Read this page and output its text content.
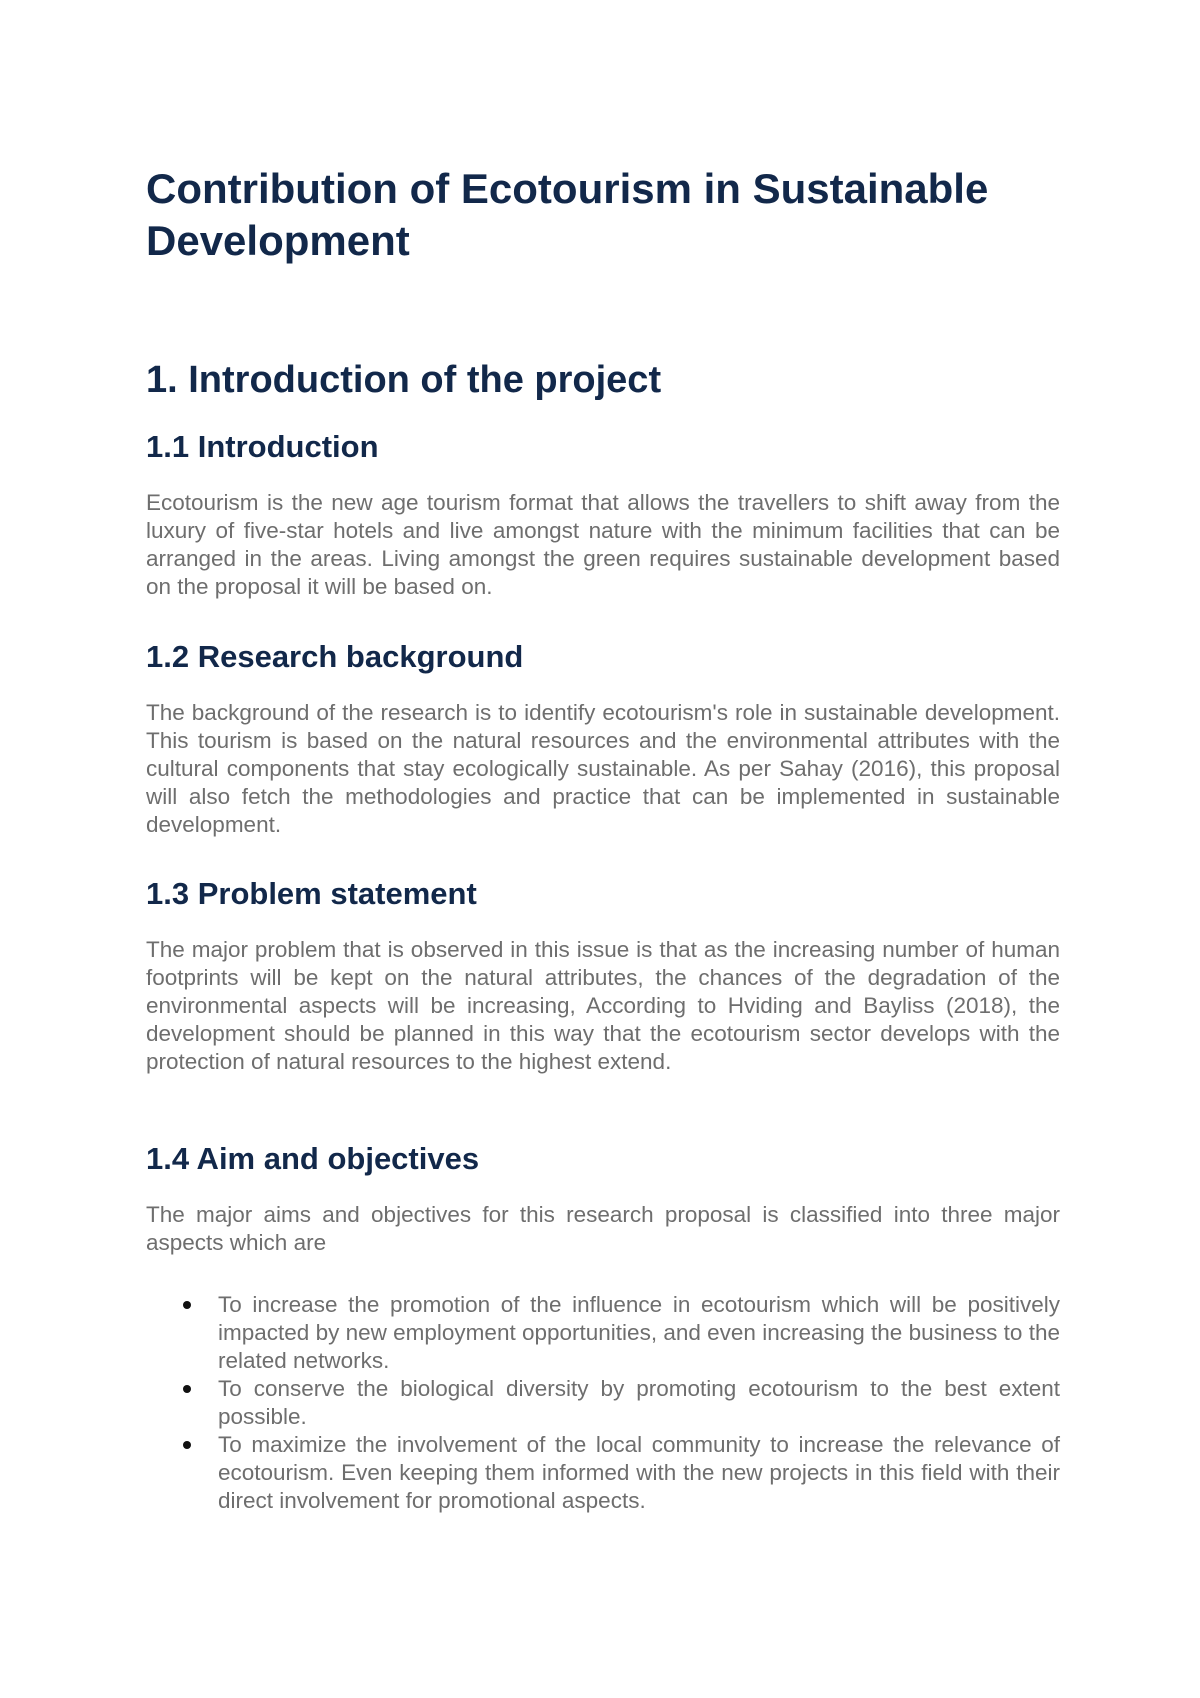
Contribution of Ecotourism in Sustainable Development
1. Introduction of the project
1.1 Introduction

Ecotourism is the new age tourism format that allows the travellers to shift away from the luxury of five-star hotels and live amongst nature with the minimum facilities that can be arranged in the areas. Living amongst the green requires sustainable development based on the proposal it will be based on.

1.2 Research background

The background of the research is to identify ecotourism's role in sustainable development. This tourism is based on the natural resources and the environmental attributes with the cultural components that stay ecologically sustainable. As per Sahay (2016), this proposal will also fetch the methodologies and practice that can be implemented in sustainable development.

1.3 Problem statement

The major problem that is observed in this issue is that as the increasing number of human footprints will be kept on the natural attributes, the chances of the degradation of the environmental aspects will be increasing, According to Hviding and Bayliss (2018), the development should be planned in this way that the ecotourism sector develops with the protection of natural resources to the highest extend.

1.4 Aim and objectives

The major aims and objectives for this research proposal is classified into three major aspects which are

To increase the promotion of the influence in ecotourism which will be positively impacted by new employment opportunities, and even increasing the business to the related networks.
To conserve the biological diversity by promoting ecotourism to the best extent possible.
To maximize the involvement of the local community to increase the relevance of ecotourism. Even keeping them informed with the new projects in this field with their direct involvement for promotional aspects.
